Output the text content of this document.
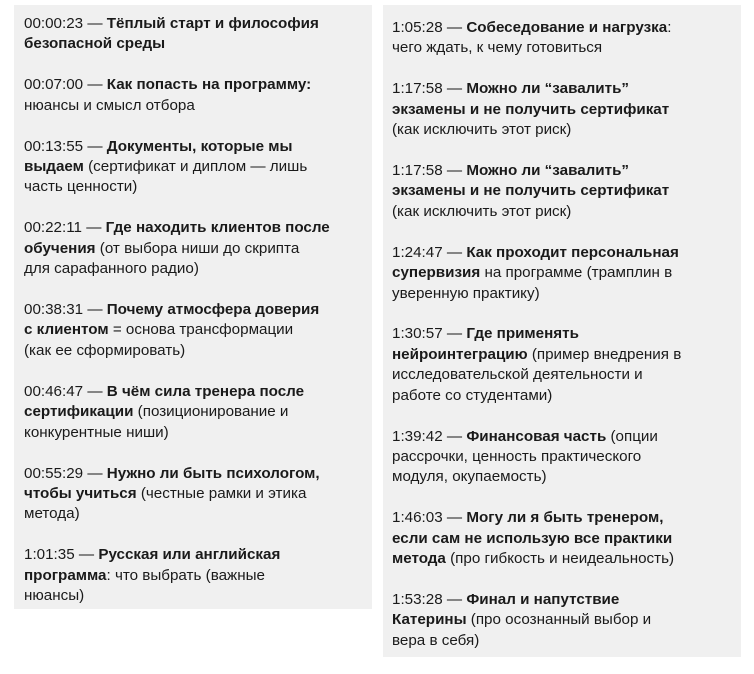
00:00:23 — Тёплый старт и философия
безопасной среды
00:07:00 — Как попасть на программу:
нюансы и смысл отбора
00:13:55 — Документы, которые мы
выдаем (сертификат и диплом — лишь
часть ценности)
00:22:11 — Где находить клиентов после
обучения (от выбора ниши до скрипта
для сарафанного радио)
00:38:31 — Почему атмосфера доверия
с клиентом = основа трансформации
(как ее сформировать)
00:46:47 — В чём сила тренера после
сертификации (позиционирование и
конкурентные ниши)
00:55:29 — Нужно ли быть психологом,
чтобы учиться (честные рамки и этика
метода)
1:01:35 — Русская или английская
программа: что выбрать (важные
нюансы)
1:05:28 — Собеседование и нагрузка:
чего ждать, к чему готовиться
1:17:58 — Можно ли “завалить”
экзамены и не получить сертификат
(как исключить этот риск)
1:17:58 — Можно ли “завалить”
экзамены и не получить сертификат
(как исключить этот риск)
1:24:47 — Как проходит персональная
супервизия на программе (трамплин в
уверенную практику)
1:30:57 — Где применять
нейроинтеграцию (пример внедрения в
исследовательской деятельности и
работе со студентами)
1:39:42 — Финансовая часть (опции
рассрочки, ценность практического
модуля, окупаемость)
1:46:03 — Могу ли я быть тренером,
если сам не использую все практики
метода (про гибкость и неидеальность)
1:53:28 — Финал и напутствие
Катерины (про осознанный выбор и
вера в себя)
